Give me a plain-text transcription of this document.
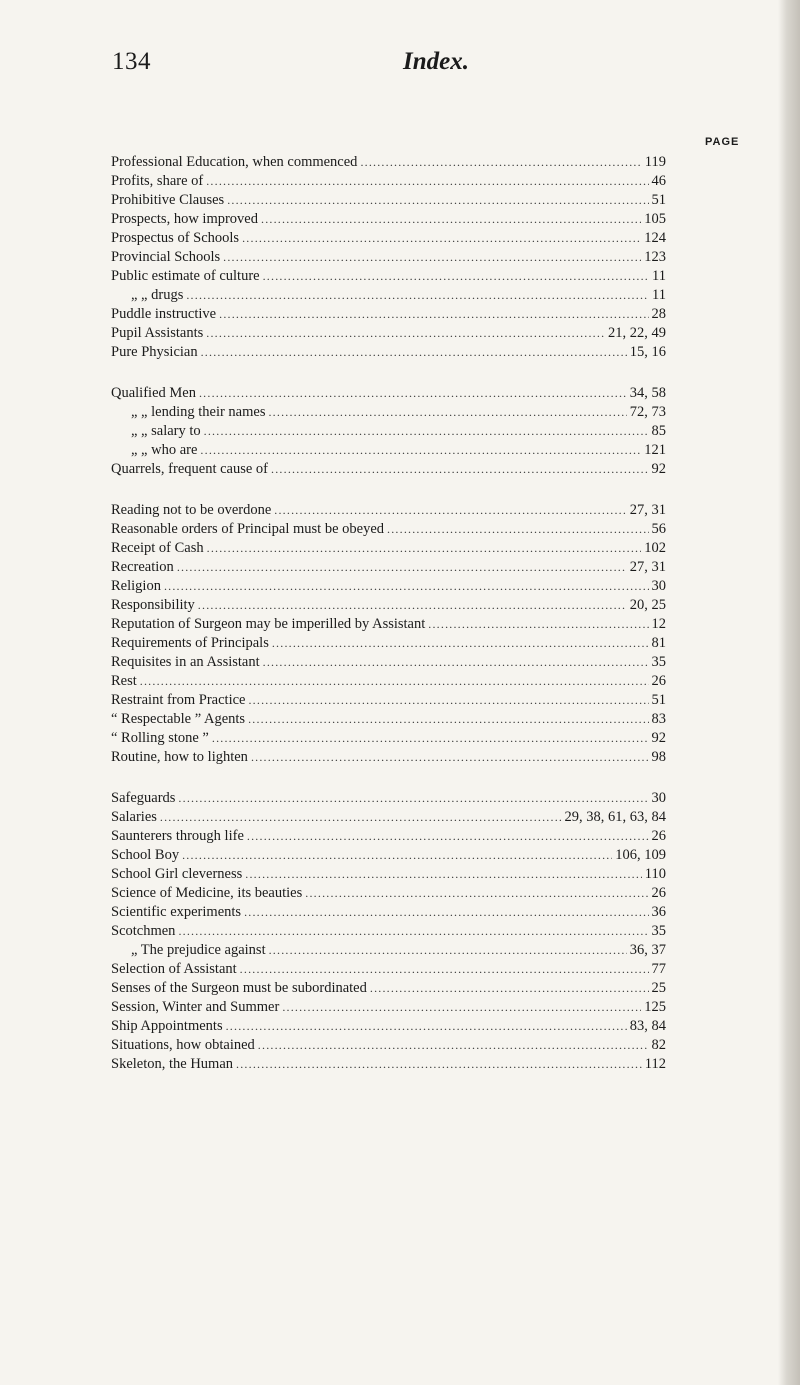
134	Index.
PAGE
Professional Education, when commenced .....	119
Profits, share of .....	46
Prohibitive Clauses .....	51
Prospects, how improved .....	105
Prospectus of Schools .....	124
Provincial Schools .....	123
Public estimate of culture .....	11
„ „ drugs .....	11
Puddle instructive .....	28
Pupil Assistants .....	21, 22, 49
Pure Physician .....	15, 16
Qualified Men .....	34, 58
„ „ lending their names .....	72, 73
„ „ salary to .....	85
„ „ who are .....	121
Quarrels, frequent cause of .....	92
Reading not to be overdone .....	27, 31
Reasonable orders of Principal must be obeyed .....	56
Receipt of Cash .....	102
Recreation .....	27, 31
Religion .....	30
Responsibility .....	20, 25
Reputation of Surgeon may be imperilled by Assistant .....	12
Requirements of Principals .....	81
Requisites in an Assistant .....	35
Rest .....	26
Restraint from Practice .....	51
“ Respectable ” Agents .....	83
“ Rolling stone ” .....	92
Routine, how to lighten .....	98
Safeguards .....	30
Salaries .....	29, 38, 61, 63, 84
Saunterers through life .....	26
School Boy .....	106, 109
School Girl cleverness .....	110
Science of Medicine, its beauties .....	26
Scientific experiments .....	36
Scotchmen .....	35
„ The prejudice against .....	36, 37
Selection of Assistant .....	77
Senses of the Surgeon must be subordinated .....	25
Session, Winter and Summer .....	125
Ship Appointments .....	83, 84
Situations, how obtained .....	82
Skeleton, the Human .....	112
